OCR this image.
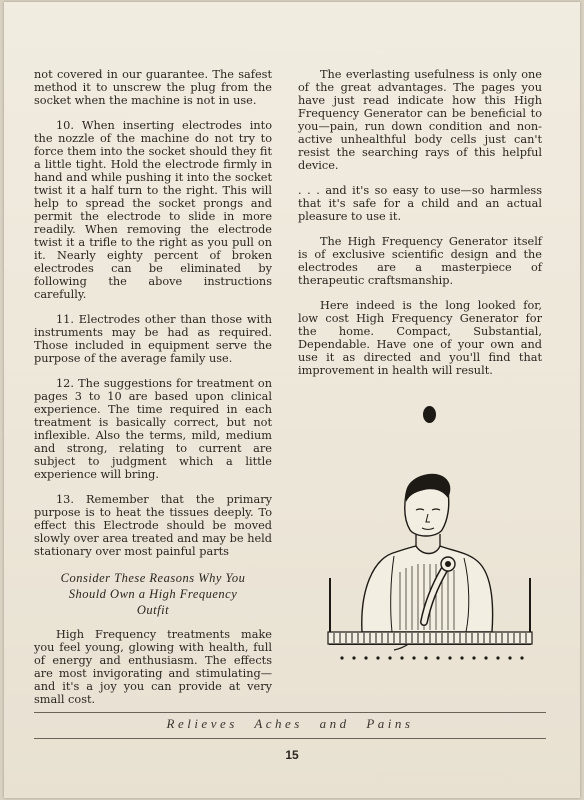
not covered in our guarantee. The safest method it to unscrew the plug from the socket when the machine is not in use.

10. When inserting electrodes into the nozzle of the machine do not try to force them into the socket should they fit a little tight. Hold the electrode firmly in hand and while pushing it into the socket twist it a half turn to the right. This will help to spread the socket prongs and permit the electrode to slide in more readily. When removing the electrode twist it a trifle to the right as you pull on it. Nearly eighty percent of broken electrodes can be eliminated by following the above instructions carefully.

11. Electrodes other than those with instruments may be had as required. Those included in equipment serve the purpose of the average family use.

12. The suggestions for treatment on pages 3 to 10 are based upon clinical experience. The time required in each treatment is basically correct, but not inflexible. Also the terms, mild, medium and strong, relating to current are subject to judgment which a little experience will bring.

13. Remember that the primary purpose is to heat the tissues deeply. To effect this Electrode should be moved slowly over area treated and may be held stationary over most painful parts

Consider These Reasons Why You
Should Own a High Frequency
Outfit

High Frequency treatments make you feel young, glowing with health, full of energy and enthusiasm. The effects are most invigorating and stimulating—and it's a joy you can provide at very small cost.

The everlasting usefulness is only one of the great advantages. The pages you have just read indicate how this High Frequency Generator can be beneficial to you—pain, run down condition and non-active unhealthful body cells just can't resist the searching rays of this helpful device.

. . . and it's so easy to use—so harmless that it's safe for a child and an actual pleasure to use it.

The High Frequency Generator itself is of exclusive scientific design and the electrodes are a masterpiece of therapeutic craftsmanship.

Here indeed is the long looked for, low cost High Frequency Generator for the home. Compact, Substantial, Dependable. Have one of your own and use it as directed and you'll find that improvement in health will result.

Relieves Aches and Pains
15
